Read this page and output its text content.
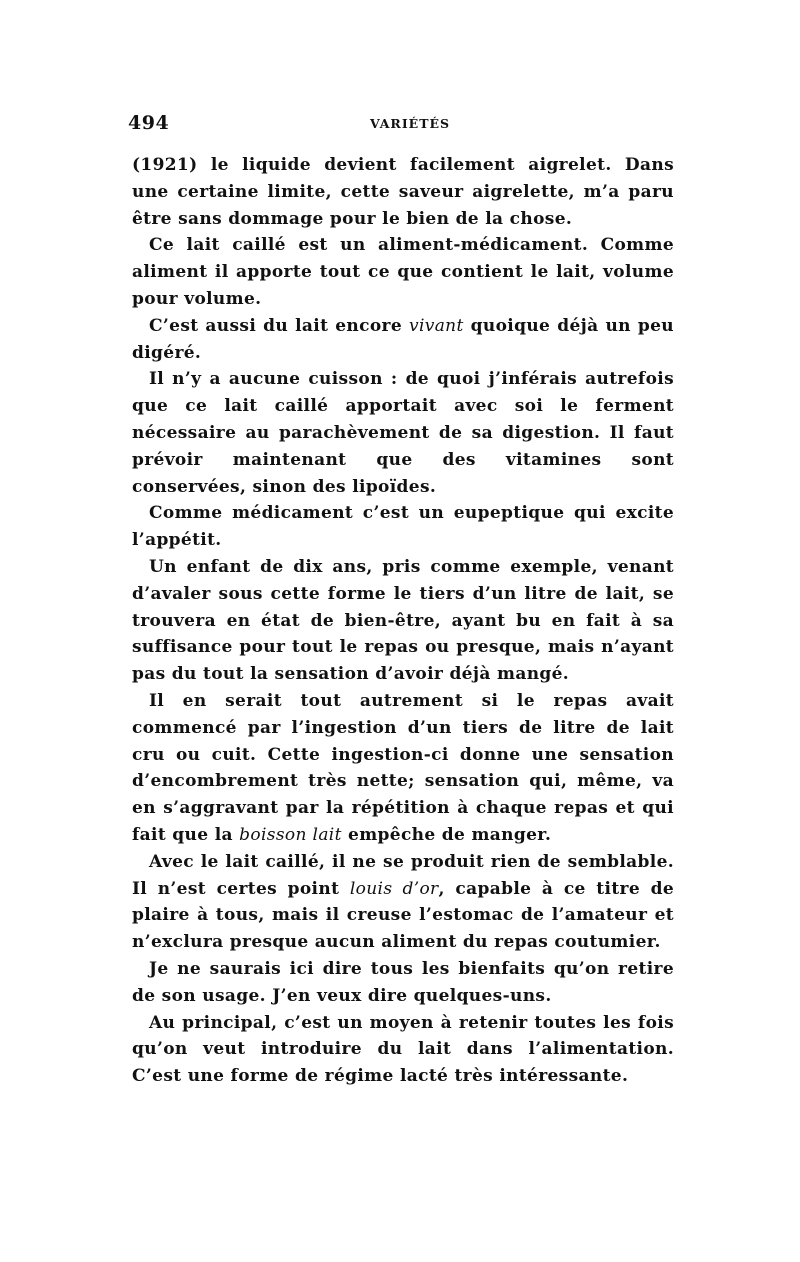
494	VARIÉTÉS

(1921) le liquide devient facilement aigrelet. Dans une certaine limite, cette saveur aigrelette, m’a paru être sans dommage pour le bien de la chose.

Ce lait caillé est un aliment-médicament. Comme aliment il apporte tout ce que contient le lait, volume pour volume.

C’est aussi du lait encore vivant quoique déjà un peu digéré.

Il n’y a aucune cuisson : de quoi j’inférais autrefois que ce lait caillé apportait avec soi le ferment nécessaire au parachèvement de sa digestion. Il faut prévoir maintenant que des vitamines sont conservées, sinon des lipoïdes.

Comme médicament c’est un eupeptique qui excite l’appétit.

Un enfant de dix ans, pris comme exemple, venant d’avaler sous cette forme le tiers d’un litre de lait, se trouvera en état de bien-être, ayant bu en fait à sa suffisance pour tout le repas ou presque, mais n’ayant pas du tout la sensation d’avoir déjà mangé.

Il en serait tout autrement si le repas avait commencé par l’ingestion d’un tiers de litre de lait cru ou cuit. Cette ingestion-ci donne une sensation d’encombrement très nette; sensation qui, même, va en s’aggravant par la répétition à chaque repas et qui fait que la boisson lait empêche de manger.

Avec le lait caillé, il ne se produit rien de semblable. Il n’est certes point louis d’or, capable à ce titre de plaire à tous, mais il creuse l’estomac de l’amateur et n’exclura presque aucun aliment du repas coutumier.

Je ne saurais ici dire tous les bienfaits qu’on retire de son usage. J’en veux dire quelques-uns.

Au principal, c’est un moyen à retenir toutes les fois qu’on veut introduire du lait dans l’alimentation. C’est une forme de régime lacté très intéressante.
